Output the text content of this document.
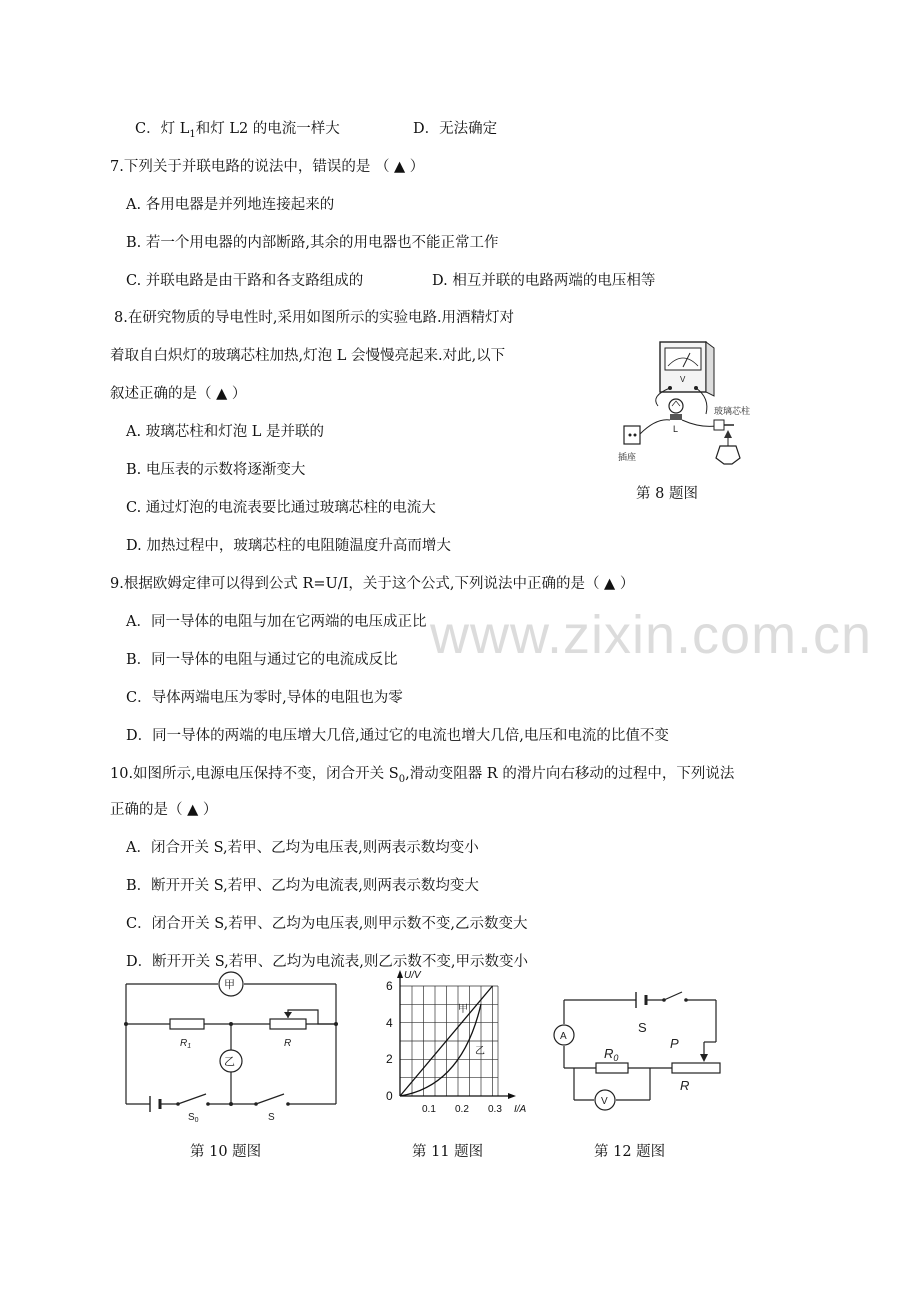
www.zixin.com.cn
C．灯 $L_1$和灯 L2 的电流一样大	D．无法确定
7.下列关于并联电路的说法中，错误的是 （ ▲ ）
A. 各用电器是并列地连接起来的
B. 若一个用电器的内部断路,其余的用电器也不能正常工作
C. 并联电路是由干路和各支路组成的	D. 相互并联的电路两端的电压相等
8.在研究物质的导电性时,采用如图所示的实验电路.用酒精灯对
着取自白炽灯的玻璃芯柱加热,灯泡 L 会慢慢亮起来.对此,以下
叙述正确的是（ ▲ ）
A. 玻璃芯柱和灯泡 L 是并联的
B. 电压表的示数将逐渐变大
C. 通过灯泡的电流表要比通过玻璃芯柱的电流大
D. 加热过程中，玻璃芯柱的电阻随温度升高而增大
V
L
插座
玻璃芯柱
第 8 题图
9.根据欧姆定律可以得到公式 R=U/I，关于这个公式,下列说法中正确的是（ ▲ ）
A．同一导体的电阻与加在它两端的电压成正比
B．同一导体的电阻与通过它的电流成反比
C．导体两端电压为零时,导体的电阻也为零
D．同一导体的两端的电压增大几倍,通过它的电流也增大几倍,电压和电流的比值不变
10.如图所示,电源电压保持不变，闭合开关 $S_0$,滑动变阻器 R 的滑片向右移动的过程中，下列说法
正确的是（ ▲ ）
A．闭合开关 S,若甲、乙均为电压表,则两表示数均变小
B．断开开关 S,若甲、乙均为电流表,则两表示数均变大
C．闭合开关 S,若甲、乙均为电压表,则甲示数不变,乙示数变大
D．断开开关 S,若甲、乙均为电流表,则乙示数不变,甲示数变小
甲
$R_1$	R
乙
$S_0$	S
第 10 题图
U/V
I/A
0
2
4
6
0.1 0.2 0.3
甲
乙
第 11 题图
S
A
$R_0$
P
R
V
第 12 题图
